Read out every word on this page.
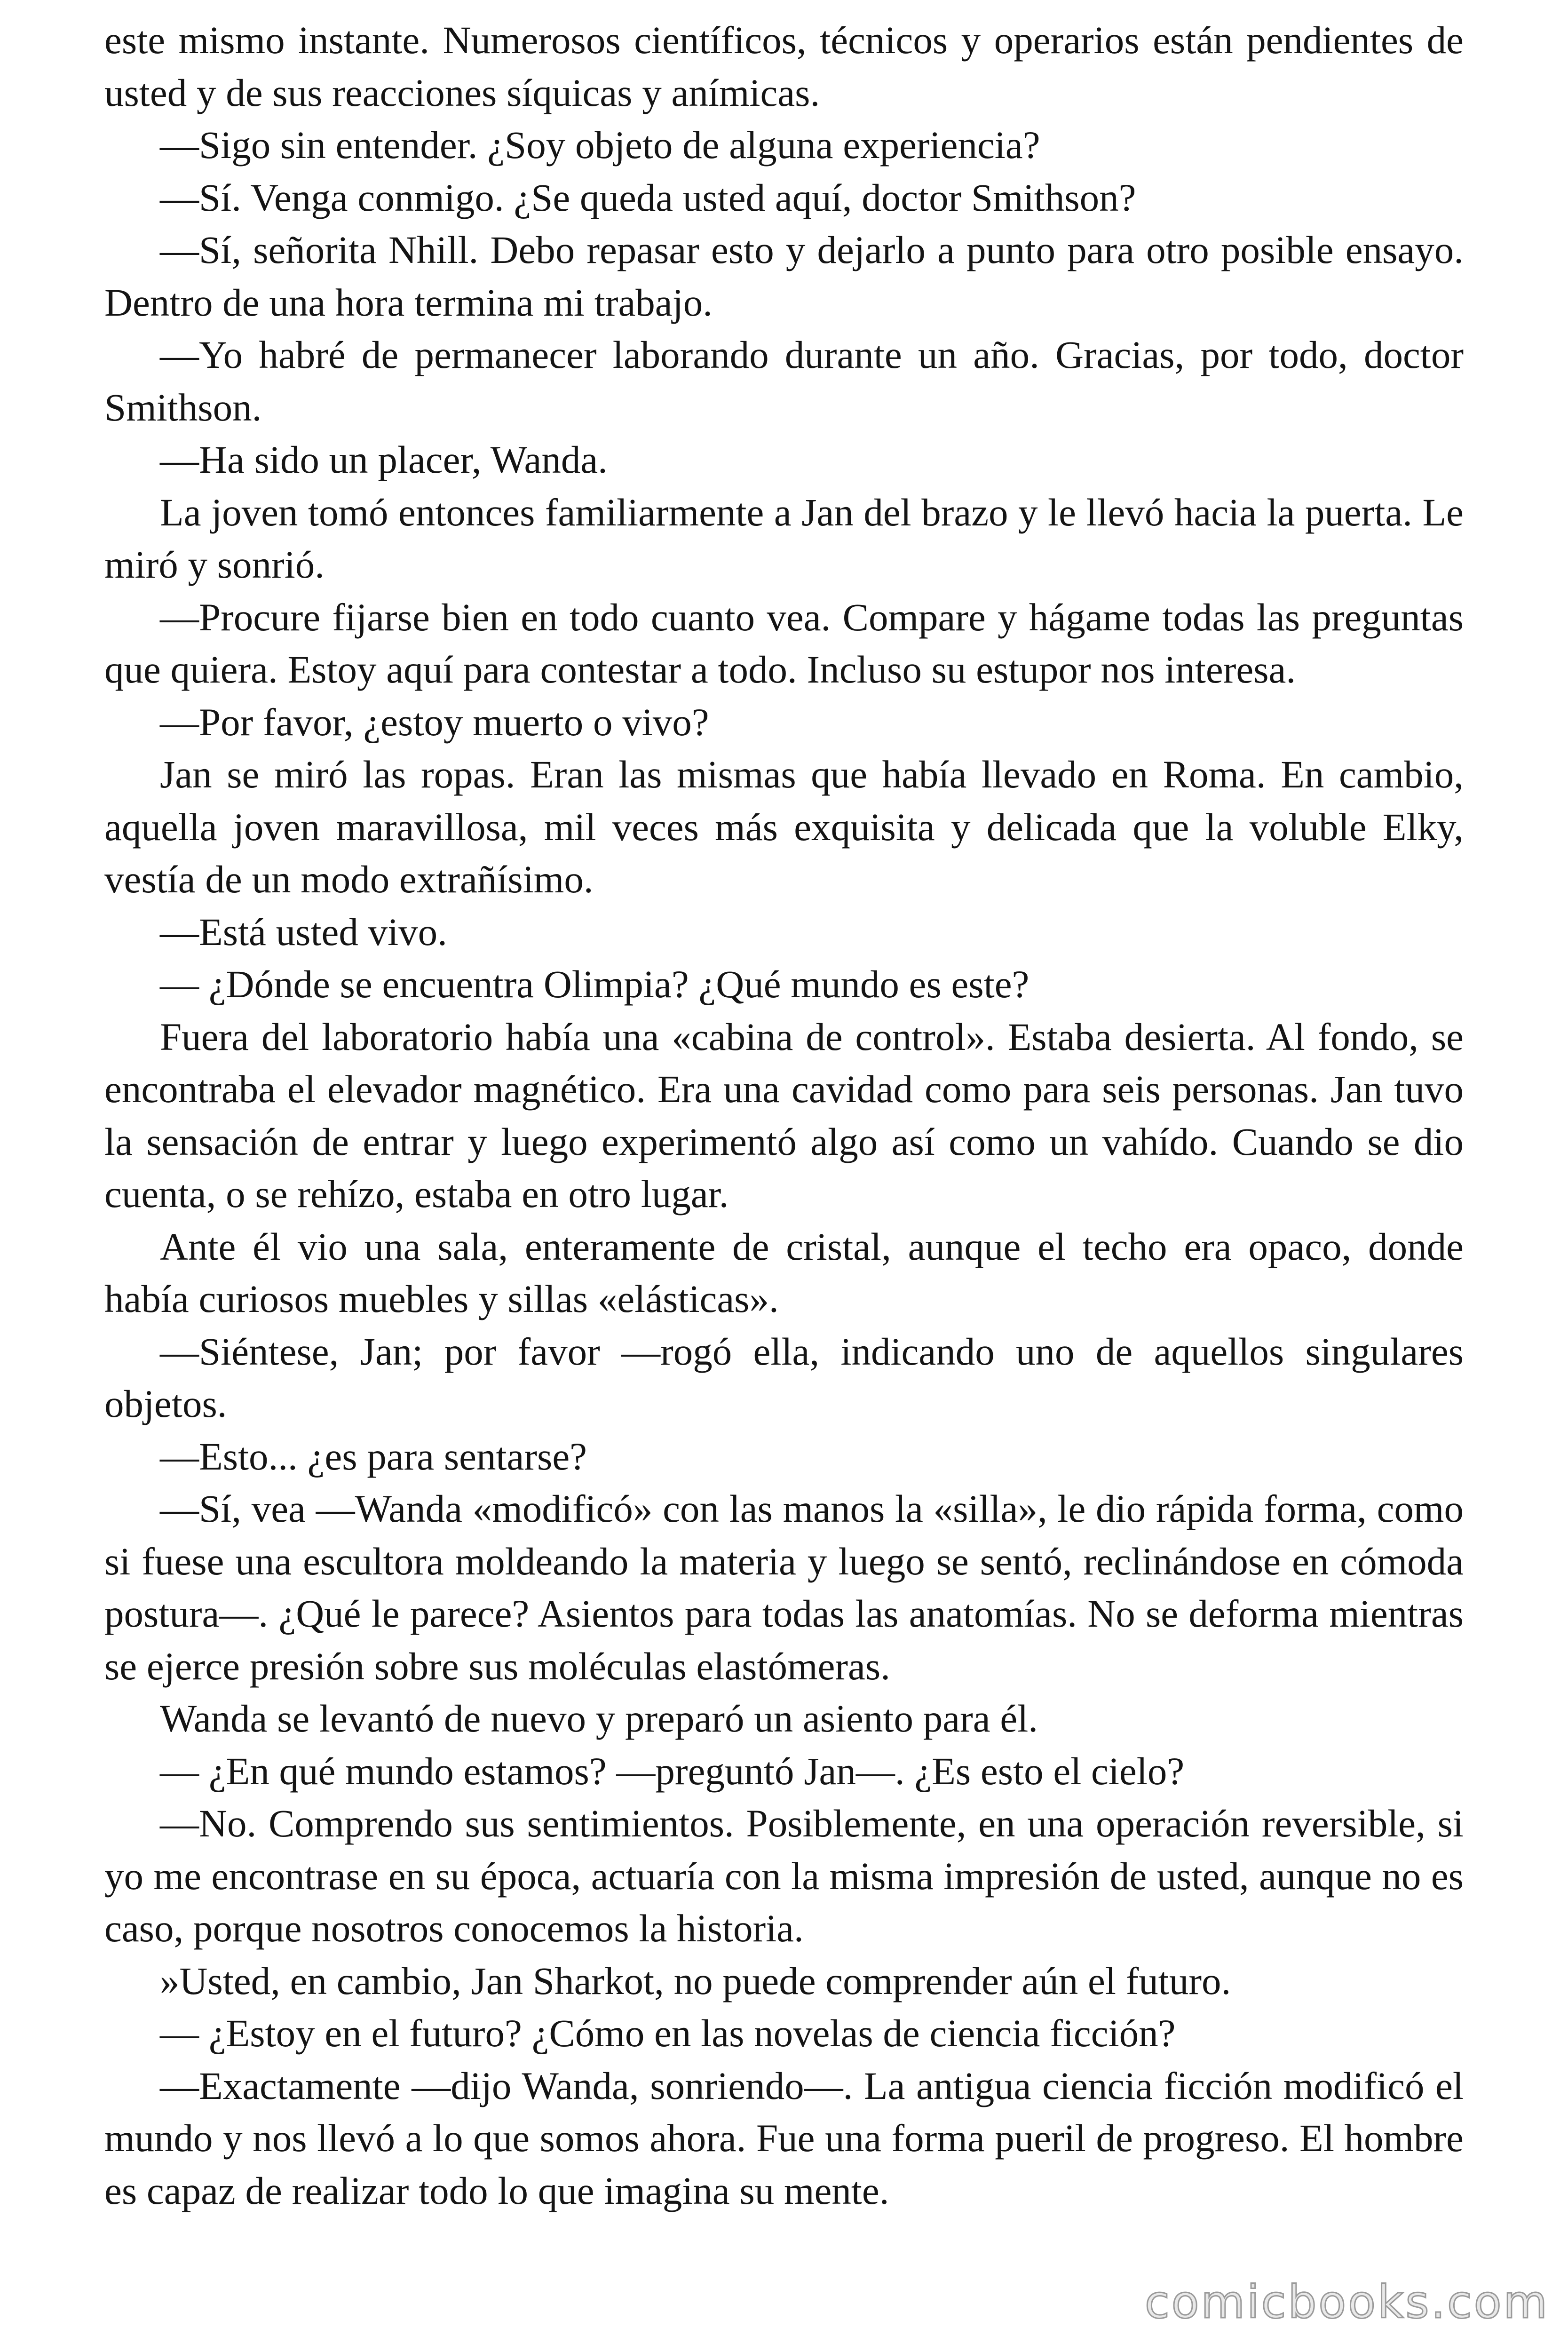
este mismo instante. Numerosos científicos, técnicos y operarios están pendientes de usted y de sus reacciones síquicas y anímicas.

—Sigo sin entender. ¿Soy objeto de alguna experiencia?

—Sí. Venga conmigo. ¿Se queda usted aquí, doctor Smithson?

—Sí, señorita Nhill. Debo repasar esto y dejarlo a punto para otro posible ensayo. Dentro de una hora termina mi trabajo.

—Yo habré de permanecer laborando durante un año. Gracias, por todo, doctor Smithson.

—Ha sido un placer, Wanda.

La joven tomó entonces familiarmente a Jan del brazo y le llevó hacia la puerta. Le miró y sonrió.

—Procure fijarse bien en todo cuanto vea. Compare y hágame todas las preguntas que quiera. Estoy aquí para contestar a todo. Incluso su estupor nos interesa.

—Por favor, ¿estoy muerto o vivo?

Jan se miró las ropas. Eran las mismas que había llevado en Roma. En cambio, aquella joven maravillosa, mil veces más exquisita y delicada que la voluble Elky, vestía de un modo extrañísimo.

—Está usted vivo.

— ¿Dónde se encuentra Olimpia? ¿Qué mundo es este?

Fuera del laboratorio había una «cabina de control». Estaba desierta. Al fondo, se encontraba el elevador magnético. Era una cavidad como para seis personas. Jan tuvo la sensación de entrar y luego experimentó algo así como un vahído. Cuando se dio cuenta, o se rehízo, estaba en otro lugar.

Ante él vio una sala, enteramente de cristal, aunque el techo era opaco, donde había curiosos muebles y sillas «elásticas».

—Siéntese, Jan; por favor —rogó ella, indicando uno de aquellos singulares objetos.

—Esto... ¿es para sentarse?

—Sí, vea —Wanda «modificó» con las manos la «silla», le dio rápida forma, como si fuese una escultora moldeando la materia y luego se sentó, reclinándose en cómoda postura—. ¿Qué le parece? Asientos para todas las anatomías. No se deforma mientras se ejerce presión sobre sus moléculas elastómeras.

Wanda se levantó de nuevo y preparó un asiento para él.

— ¿En qué mundo estamos? —preguntó Jan—. ¿Es esto el cielo?

—No. Comprendo sus sentimientos. Posiblemente, en una operación reversible, si yo me encontrase en su época, actuaría con la misma impresión de usted, aunque no es caso, porque nosotros conocemos la historia.

»Usted, en cambio, Jan Sharkot, no puede comprender aún el futuro.

— ¿Estoy en el futuro? ¿Cómo en las novelas de ciencia ficción?

—Exactamente —dijo Wanda, sonriendo—. La antigua ciencia ficción modificó el mundo y nos llevó a lo que somos ahora. Fue una forma pueril de progreso. El hombre es capaz de realizar todo lo que imagina su mente.

comicbooks.com
